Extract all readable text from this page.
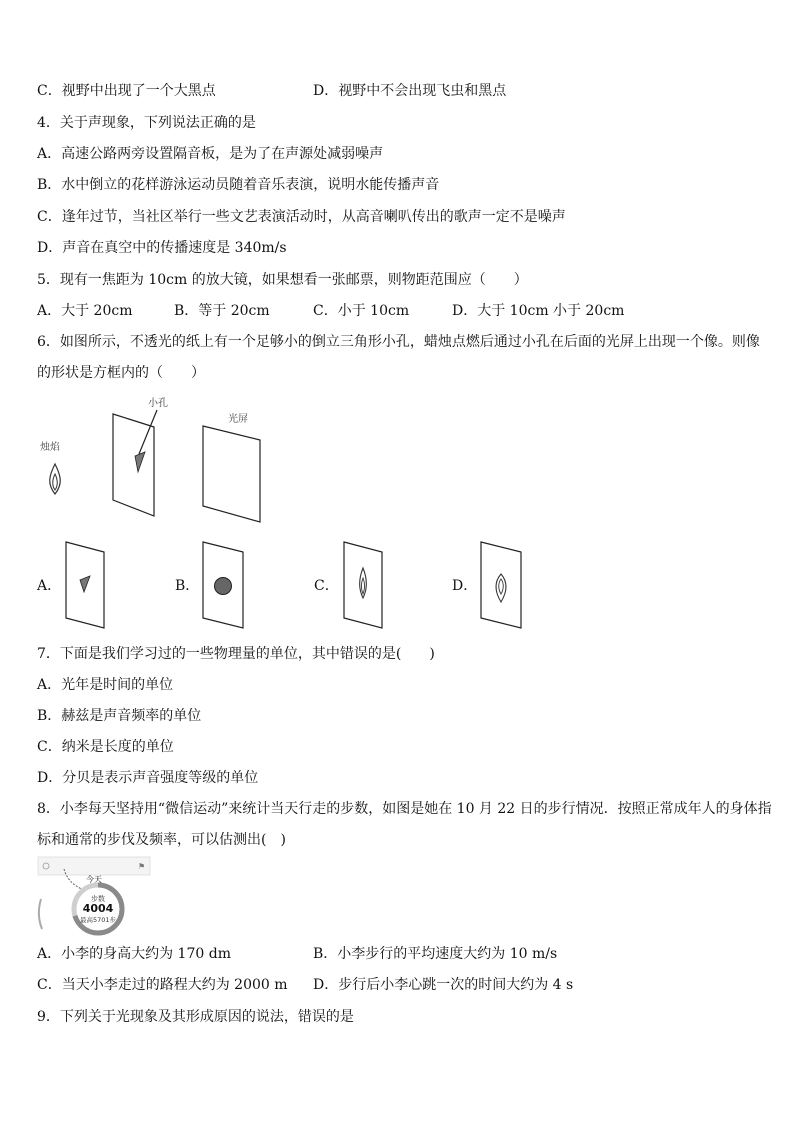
C．视野中出现了一个大黑点	D．视野中不会出现飞虫和黑点
4．关于声现象，下列说法正确的是
A．高速公路两旁设置隔音板，是为了在声源处减弱噪声
B．水中倒立的花样游泳运动员随着音乐表演，说明水能传播声音
C．逢年过节，当社区举行一些文艺表演活动时，从高音喇叭传出的歌声一定不是噪声
D．声音在真空中的传播速度是 340m/s
5．现有一焦距为 10cm 的放大镜，如果想看一张邮票，则物距范围应（　　）
A．大于 20cm	B．等于 20cm	C．小于 10cm	D．大于 10cm 小于 20cm
6．如图所示，不透光的纸上有一个足够小的倒立三角形小孔，蜡烛点燃后通过小孔在后面的光屏上出现一个像。则像
的形状是方框内的（　　）
烛焰
小孔
光屏
A．	B．	C．	D．
7．下面是我们学习过的一些物理量的单位，其中错误的是(　　)
A．光年是时间的单位
B．赫兹是声音频率的单位
C．纳米是长度的单位
D．分贝是表示声音强度等级的单位
8．小李每天坚持用“微信运动”来统计当天行走的步数，如图是她在 10 月 22 日的步行情况．按照正常成年人的身体指
标和通常的步伐及频率，可以估测出(　)
⚑
今天
步数
4004
最高5701步
A．小李的身高大约为 170 dm	B．小李步行的平均速度大约为 10 m/s
C．当天小李走过的路程大约为 2000 m D．步行后小李心跳一次的时间大约为 4 s
9．下列关于光现象及其形成原因的说法，错误的是
